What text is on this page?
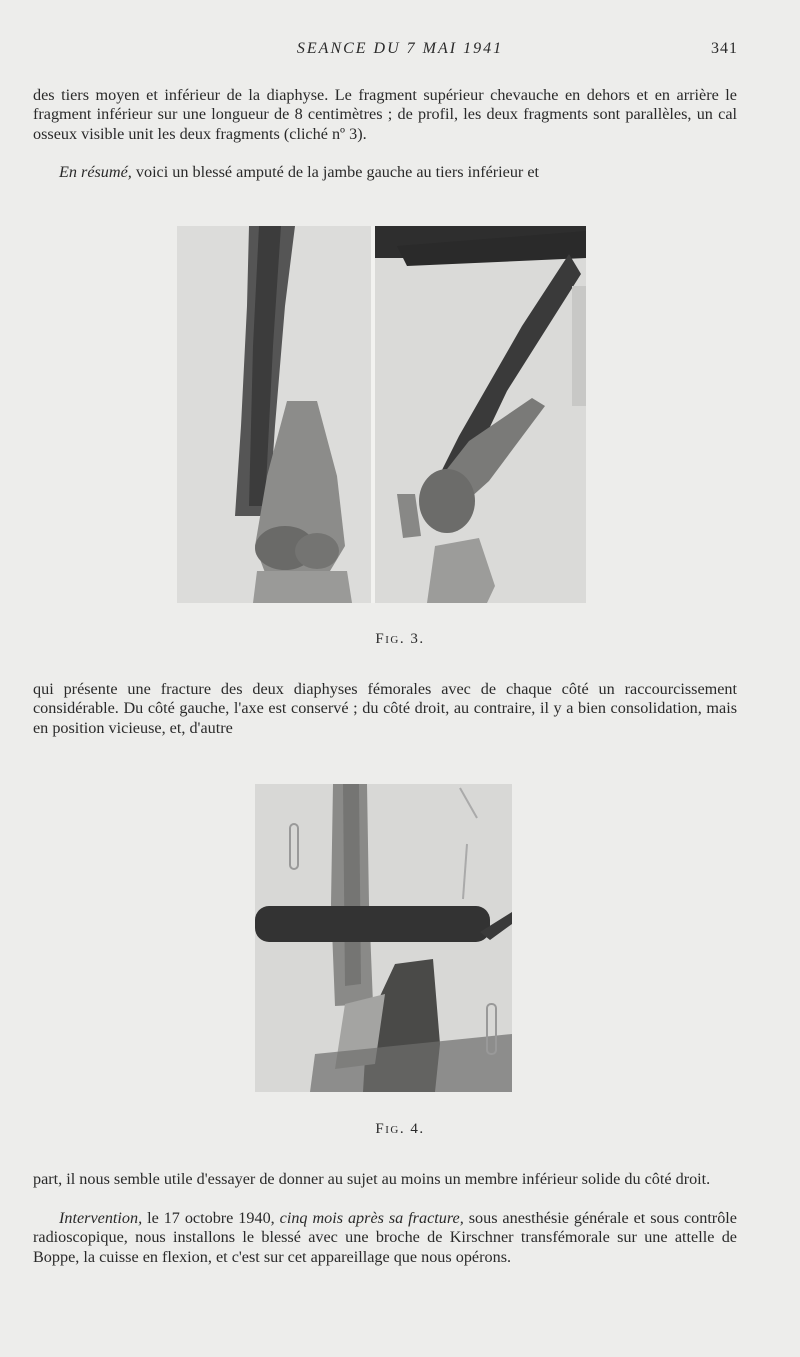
SEANCE DU 7 MAI 1941	341

des tiers moyen et inférieur de la diaphyse. Le fragment supérieur chevauche en dehors et en arrière le fragment inférieur sur une longueur de 8 centimètres ; de profil, les deux fragments sont parallèles, un cal osseux visible unit les deux fragments (cliché nº 3).

En résumé, voici un blessé amputé de la jambe gauche au tiers inférieur et

Fig. 3.

qui présente une fracture des deux diaphyses fémorales avec de chaque côté un raccourcissement considérable. Du côté gauche, l'axe est conservé ; du côté droit, au contraire, il y a bien consolidation, mais en position vicieuse, et, d'autre

Fig. 4.

part, il nous semble utile d'essayer de donner au sujet au moins un membre inférieur solide du côté droit.

Intervention, le 17 octobre 1940, cinq mois après sa fracture, sous anesthésie générale et sous contrôle radioscopique, nous installons le blessé avec une broche de Kirschner transfémorale sur une attelle de Boppe, la cuisse en flexion, et c'est sur cet appareillage que nous opérons.
